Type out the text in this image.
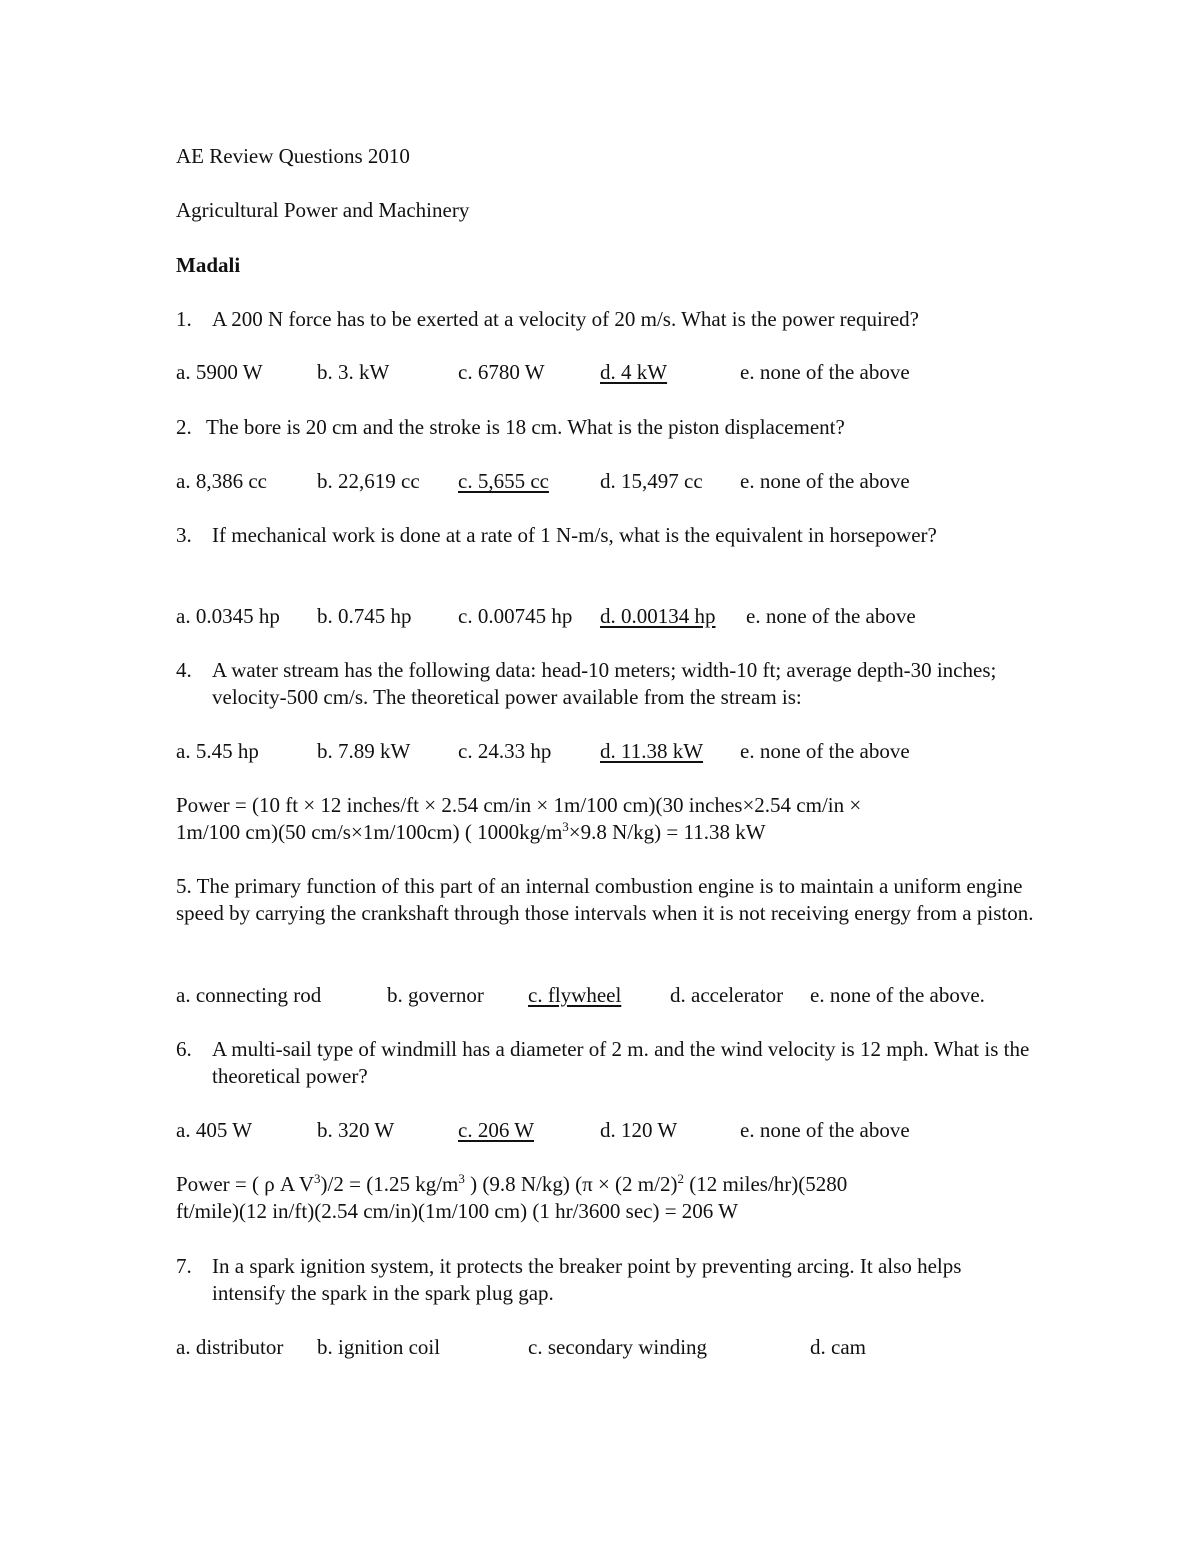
AE Review Questions 2010
Agricultural Power and Machinery
Madali
1. A 200 N force has to be exerted at a velocity of 20 m/s. What is the power required?
a. 5900 W	b. 3. kW	c. 6780 W	d. 4 kW	e. none of the above
2. The bore is 20 cm and the stroke is 18 cm. What is the piston displacement?
a. 8,386 cc b. 22,619 cc c. 5,655 cc d. 15,497 cc e. none of the above
3. If mechanical work is done at a rate of 1 N-m/s, what is the equivalent in horsepower?
a. 0.0345 hp b. 0.745 hp c. 0.00745 hp d. 0.00134 hp e. none of the above
4. A water stream has the following data: head-10 meters; width-10 ft; average depth-30 inches; velocity-500 cm/s. The theoretical power available from the stream is:
a. 5.45 hp	b. 7.89 kW c. 24.33 hp d. 11.38 kW e. none of the above
Power = (10 ft × 12 inches/ft × 2.54 cm/in × 1m/100 cm)(30 inches×2.54 cm/in ×
1m/100 cm)(50 cm/s×1m/100cm) ( $1000kg/m^3\times 9.8$ N/kg) = 11.38 kW
5. The primary function of this part of an internal combustion engine is to maintain a uniform engine speed by carrying the crankshaft through those intervals when it is not receiving energy from a piston.
a. connecting rod	b. governor c. flywheel d. accelerator e. none of the above.
6. A multi-sail type of windmill has a diameter of 2 m. and the wind velocity is 12 mph. What is the theoretical power?
a. 405 W	b. 320 W	c. 206 W	d. 120 W	e. none of the above
Power = ( ρ A $V^3)/2 = (1.25$ $kg/m^3$ ) (9.8 N/kg) (π × (2 m/2)$^2$ (12 miles/hr)(5280
ft/mile)(12 in/ft)(2.54 cm/in)(1m/100 cm) (1 hr/3600 sec) = 206 W
7. In a spark ignition system, it protects the breaker point by preventing arcing. It also helps intensify the spark in the spark plug gap.
a. distributor b. ignition coil	c. secondary winding	d. cam
